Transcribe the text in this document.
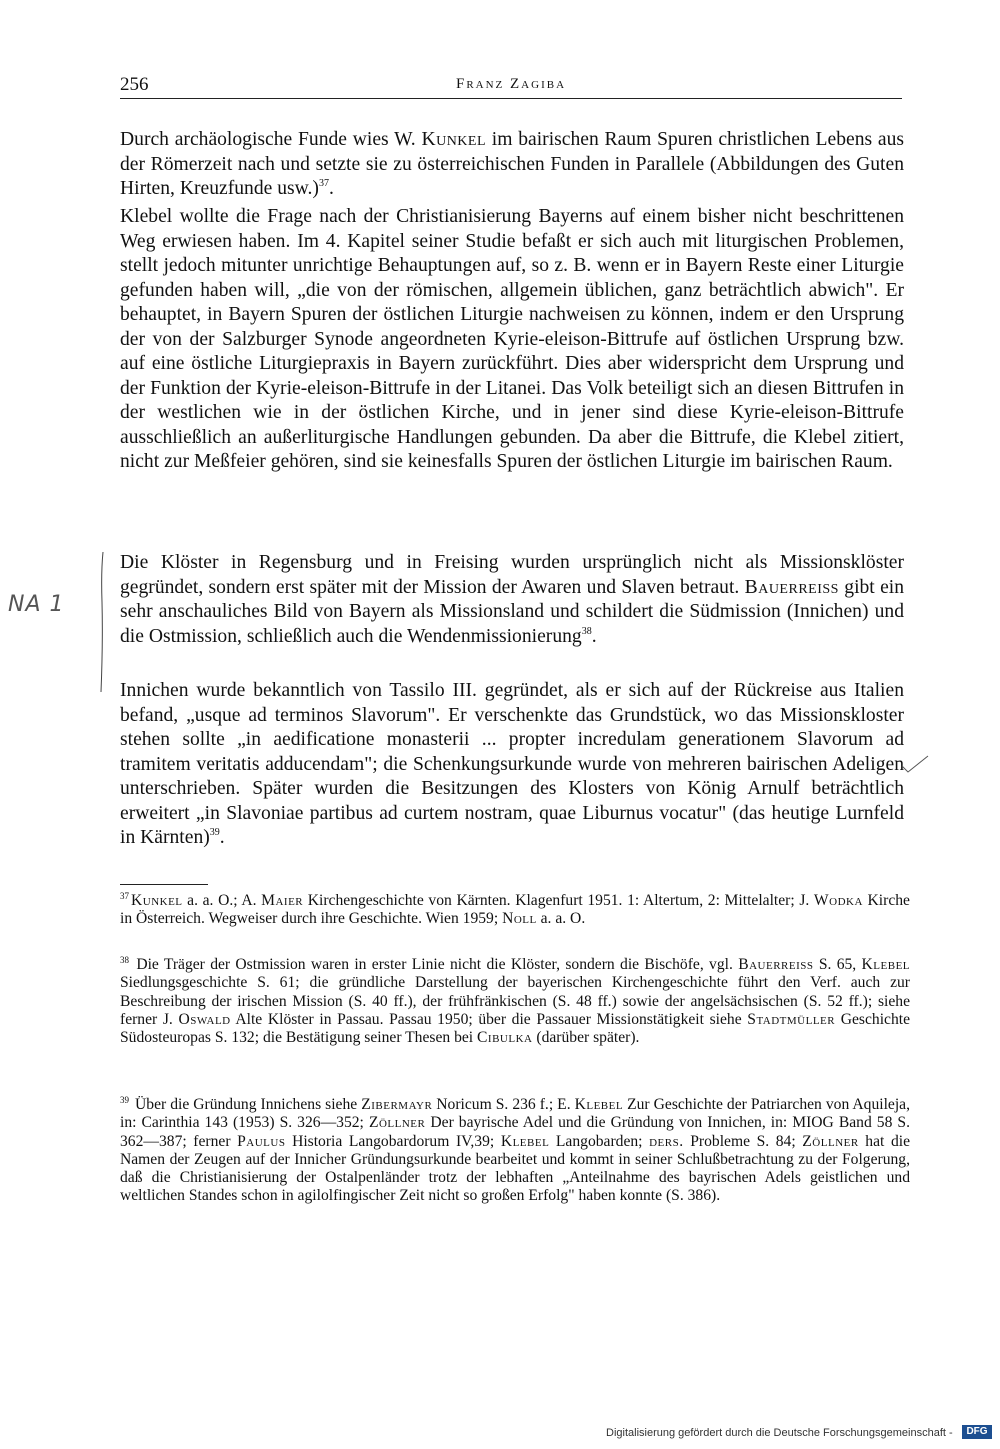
256	Franz Zagiba

Durch archäologische Funde wies W. Kunkel im bairischen Raum Spuren christlichen Lebens aus der Römerzeit nach und setzte sie zu österreichischen Funden in Parallele (Abbildungen des Guten Hirten, Kreuzfunde usw.)$^{37}$.

Klebel wollte die Frage nach der Christianisierung Bayerns auf einem bisher nicht beschrittenen Weg erwiesen haben. Im 4. Kapitel seiner Studie befaßt er sich auch mit liturgischen Problemen, stellt jedoch mitunter unrichtige Behauptungen auf, so z. B. wenn er in Bayern Reste einer Liturgie gefunden haben will, „die von der römischen, allgemein üblichen, ganz beträchtlich abwich". Er behauptet, in Bayern Spuren der östlichen Liturgie nachweisen zu können, indem er den Ursprung der von der Salzburger Synode angeordneten Kyrie-eleison-Bittrufe auf östlichen Ursprung bzw. auf eine östliche Liturgiepraxis in Bayern zurückführt. Dies aber widerspricht dem Ursprung und der Funktion der Kyrie-eleison-Bittrufe in der Litanei. Das Volk beteiligt sich an diesen Bittrufen in der westlichen wie in der östlichen Kirche, und in jener sind diese Kyrie-eleison-Bittrufe ausschließlich an außerliturgische Handlungen gebunden. Da aber die Bittrufe, die Klebel zitiert, nicht zur Meßfeier gehören, sind sie keinesfalls Spuren der östlichen Liturgie im bairischen Raum.

Die Klöster in Regensburg und in Freising wurden ursprünglich nicht als Missionsklöster gegründet, sondern erst später mit der Mission der Awaren und Slaven betraut. Bauerreiss gibt ein sehr anschauliches Bild von Bayern als Missionsland und schildert die Südmission (Innichen) und die Ostmission, schließlich auch die Wendenmissionierung$^{38}$.

Innichen wurde bekanntlich von Tassilo III. gegründet, als er sich auf der Rückreise aus Italien befand, „usque ad terminos Slavorum". Er verschenkte das Grundstück, wo das Missionskloster stehen sollte „in aedificatione monasterii ... propter incredulam generationem Slavorum ad tramitem veritatis adducendam"; die Schenkungsurkunde wurde von mehreren bairischen Adeligen unterschrieben. Später wurden die Besitzungen des Klosters von König Arnulf beträchtlich erweitert „in Slavoniae partibus ad curtem nostram, quae Liburnus vocatur" (das heutige Lurnfeld in Kärnten)$^{39}$.

$^{37}$ Kunkel a. a. O.; A. Maier Kirchengeschichte von Kärnten. Klagenfurt 1951. 1: Altertum, 2: Mittelalter; J. Wodka Kirche in Österreich. Wegweiser durch ihre Geschichte. Wien 1959; Noll a. a. O.

$^{38}$ Die Träger der Ostmission waren in erster Linie nicht die Klöster, sondern die Bischöfe, vgl. Bauerreiss S. 65, Klebel Siedlungsgeschichte S. 61; die gründliche Darstellung der bayerischen Kirchengeschichte führt den Verf. auch zur Beschreibung der irischen Mission (S. 40 ff.), der frühfränkischen (S. 48 ff.) sowie der angelsächsischen (S. 52 ff.); siehe ferner J. Oswald Alte Klöster in Passau. Passau 1950; über die Passauer Missionstätigkeit siehe Stadtmüller Geschichte Südosteuropas S. 132; die Bestätigung seiner Thesen bei Cibulka (darüber später).

$^{39}$ Über die Gründung Innichens siehe Zibermayr Noricum S. 236 f.; E. Klebel Zur Geschichte der Patriarchen von Aquileja, in: Carinthia 143 (1953) S. 326—352; Zöllner Der bayrische Adel und die Gründung von Innichen, in: MIOG Band 58 S. 362—387; ferner Paulus Historia Langobardorum IV,39; Klebel Langobarden; ders. Probleme S. 84; Zöllner hat die Namen der Zeugen auf der Innicher Gründungsurkunde bearbeitet und kommt in seiner Schlußbetrachtung zu der Folgerung, daß die Christianisierung der Ostalpenländer trotz der lebhaften „Anteilnahme des bayrischen Adels geistlichen und weltlichen Standes schon in agilolfingischer Zeit nicht so großen Erfolg" haben konnte (S. 386).

NA 1
Digitalisierung gefördert durch die Deutsche Forschungsgemeinschaft -	DFG
